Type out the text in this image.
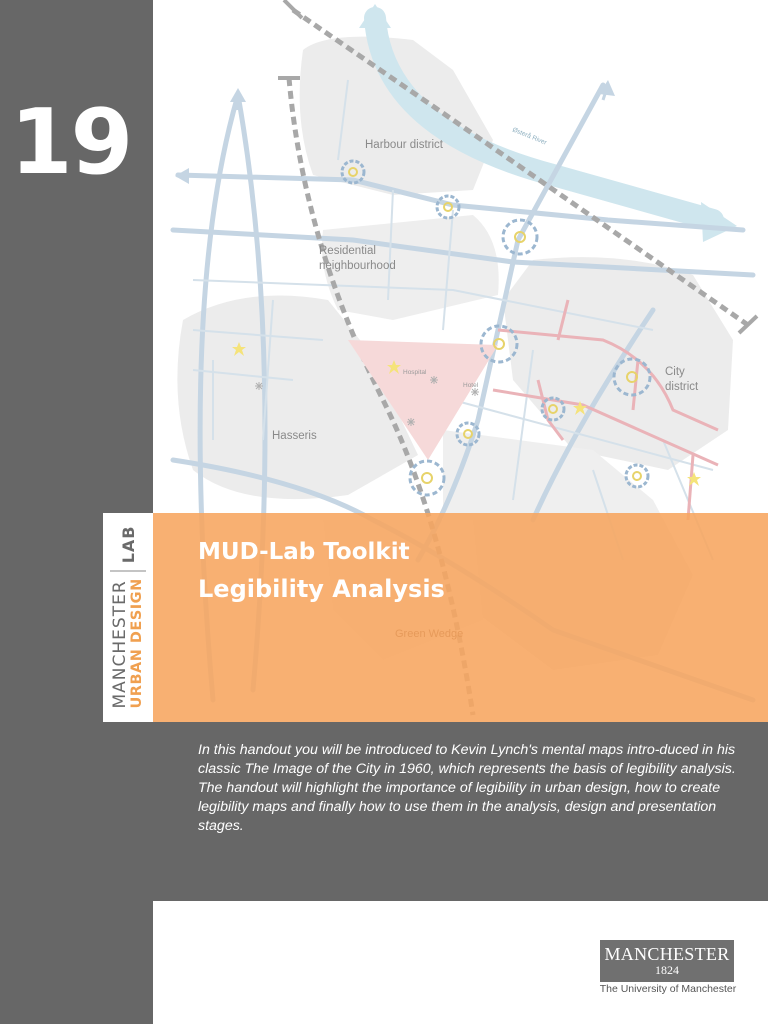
19	Harbour district	Østerå River
Residential
neighbourhood
City
district
Hospital
Hotel
Hasseris
MUD-Lab Toolkit
Legibility Analysis
Green Wedge
MANCHESTER URBAN DESIGN
LAB
In this handout you will be introduced to Kevin Lynch's mental maps intro-duced in his classic The Image of the City in 1960, which represents the basis of legibility analysis. The handout will highlight the importance of legibility in urban design, how to create legibility maps and finally how to use them in the analysis, design and presentation stages.
MANCHESTER
1824
The University of Manchester
